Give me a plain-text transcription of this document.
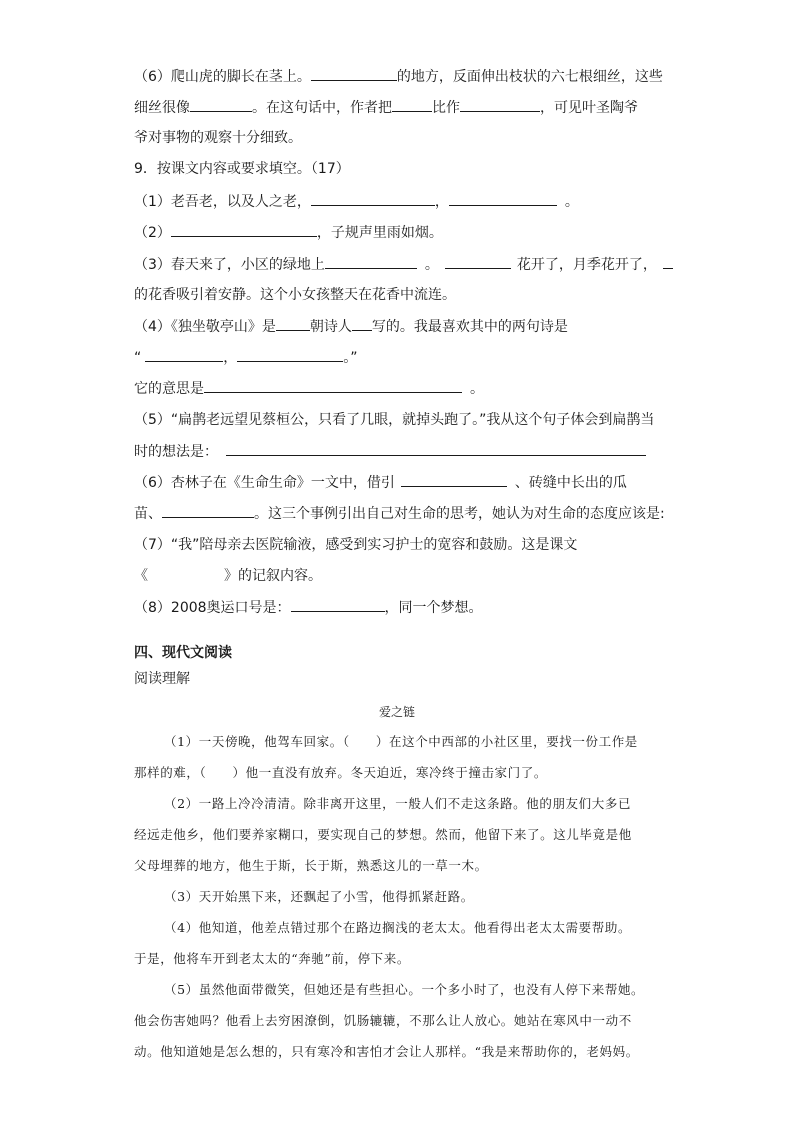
（6）爬山虎的脚长在茎上。	的地方，反面伸出枝状的六七根细丝，这些
细丝很像	。在这句话中，作者把	比作	，可见叶圣陶爷
爷对事物的观察十分细致。
9．按课文内容或要求填空。（17）
（1）老吾老，以及人之老，	，	。
（2）	，子规声里雨如烟。
（3）春天来了，小区的绿地上	。	花开了，月季花开了，
的花香吸引着安静。这个小女孩整天在花香中流连。
（4）《独坐敬亭山》是 朝诗人 写的。我最喜欢其中的两句诗是
“	，	。”
它的意思是	。
（5）“扁鹊老远望见蔡桓公，只看了几眼，就掉头跑了。”我从这个句子体会到扁鹊当
时的想法是：
（6）杏林子在《生命生命》一文中，借引	、砖缝中长出的瓜
苗、	。这三个事例引出自己对生命的思考，她认为对生命的态度应该是:
（7）“我”陪母亲去医院输液，感受到实习护士的宽容和鼓励。这是课文
《	》的记叙内容。
（8）2008奥运口号是：	，同一个梦想。
四、现代文阅读
阅读理解
爱之链
（1）一天傍晚，他驾车回家。（　　）在这个中西部的小社区里，要找一份工作是
那样的难，（　　）他一直没有放弃。冬天迫近，寒冷终于撞击家门了。
（2）一路上冷冷清清。除非离开这里，一般人们不走这条路。他的朋友们大多已
经远走他乡，他们要养家糊口，要实现自己的梦想。然而，他留下来了。这儿毕竟是他
父母埋葬的地方，他生于斯，长于斯，熟悉这儿的一草一木。
（3）天开始黑下来，还飘起了小雪，他得抓紧赶路。
（4）他知道，他差点错过那个在路边搁浅的老太太。他看得出老太太需要帮助。
于是，他将车开到老太太的“奔驰”前，停下来。
（5）虽然他面带微笑，但她还是有些担心。一个多小时了，也没有人停下来帮她。
他会伤害她吗？他看上去穷困潦倒，饥肠辘辘，不那么让人放心。她站在寒风中一动不
动。他知道她是怎么想的，只有寒冷和害怕才会让人那样。“我是来帮助你的，老妈妈。
